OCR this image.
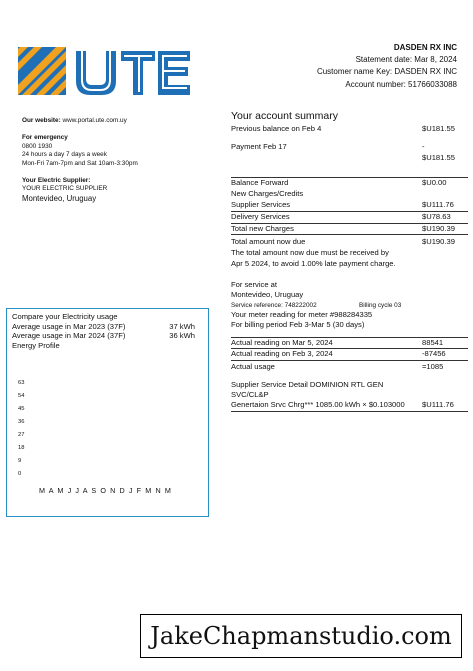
DASDEN RX INC
Statement date: Mar 8, 2024
Customer name Key: DASDEN RX INC
Account number: 51766033088
Our website: www.portal.ute.com.uy
For emergency
0800 1930
24 hours a day 7 days a week
Mon-Fri 7am-7pm and Sat 10am-3:30pm
Your Electric Supplier:
YOUR ELECTRIC SUPPLIER
Montevideo, Uruguay
Your account summary
Previous balance on Feb 4	$U181.55
Payment Feb 17	-
$U181.55
Balance Forward	$U0.00
New Charges/Credits
Supplier Services	$U111.76
Delivery Services	$U78.63
Total new Charges	$U190.39
Total amount now due	$U190.39
The total amount now due must be received by Apr 5 2024, to avoid 1.00% late payment charge.
For service at
Montevideo, Uruguay
Service reference: 748222002	Billing cycle 03
Your meter reading for meter #988284335
For billing period Feb 3-Mar 5 (30 days)
Actual reading on Mar 5, 2024	88541
Actual reading on Feb 3, 2024	-87456
Actual usage	=1085
Supplier Service Detail DOMINION RTL GEN
SVC/CL&P
Genertaion Srvc Chrg*** 1085.00 kWh × $0.103000 $U111.76
Compare your Electricity usage
Average usage in Mar 2023 (37F)	37 kWh
Average usage in Mar 2024 (37F)	36 kWh
Energy Profile
63
54
45
36
27
18
9
0
M A M J J A S O N D J F M N M
JakeChapmanstudio.com
